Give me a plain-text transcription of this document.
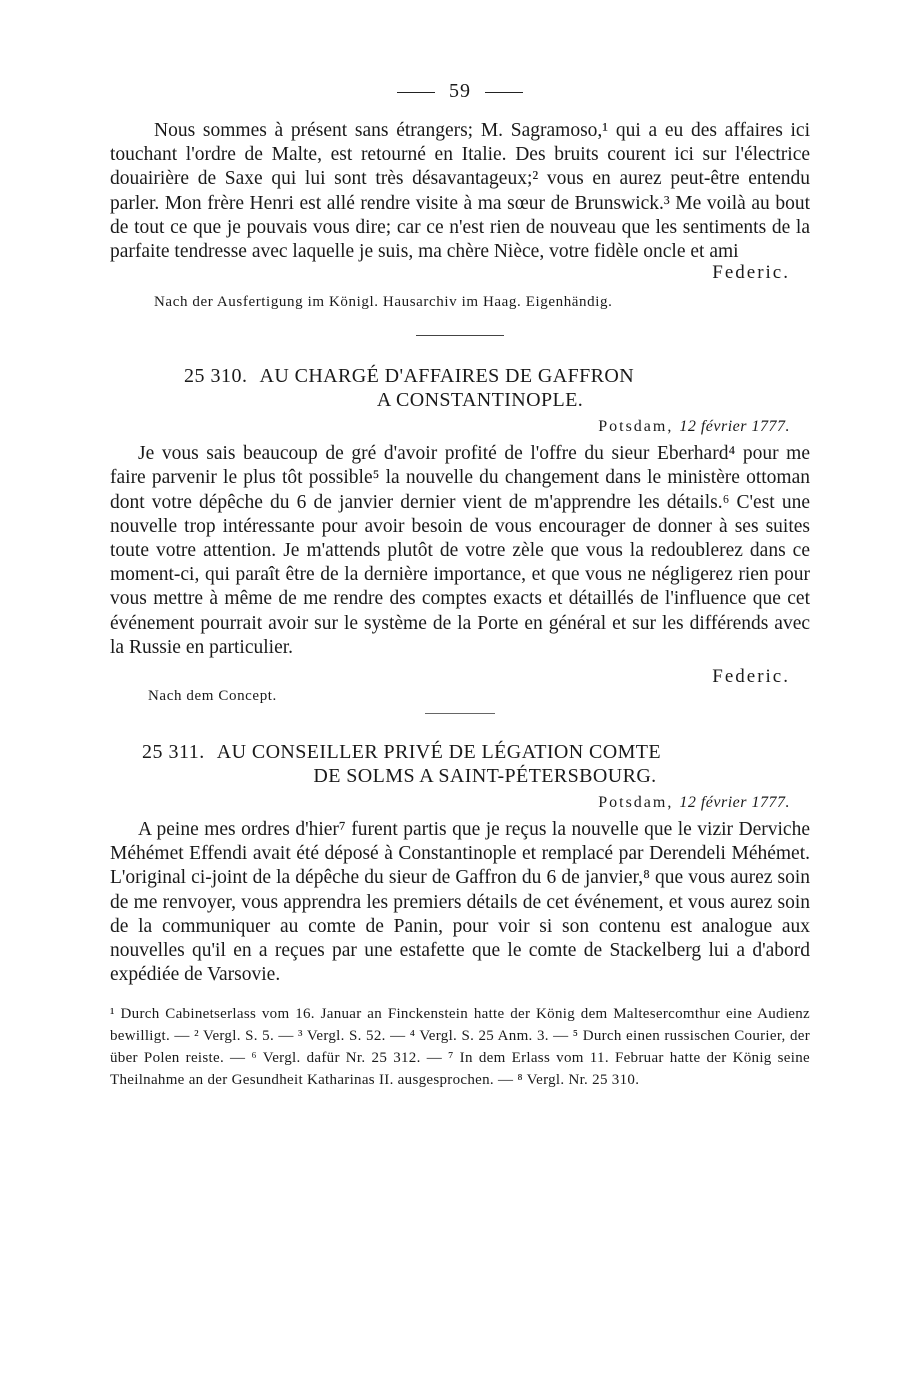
59

Nous sommes à présent sans étrangers; M. Sagramoso,¹ qui a eu des affaires ici touchant l'ordre de Malte, est retourné en Italie. Des bruits courent ici sur l'électrice douairière de Saxe qui lui sont très désavantageux;² vous en aurez peut-être entendu parler. Mon frère Henri est allé rendre visite à ma sœur de Brunswick.³ Me voilà au bout de tout ce que je pouvais vous dire; car ce n'est rien de nouveau que les sentiments de la parfaite tendresse avec laquelle je suis, ma chère Nièce, votre fidèle oncle et ami

Federic.
Nach der Ausfertigung im Königl. Hausarchiv im Haag. Eigenhändig.
25 310. AU CHARGÉ D'AFFAIRES DE GAFFRON
A CONSTANTINOPLE.
Potsdam, 12 février 1777.

Je vous sais beaucoup de gré d'avoir profité de l'offre du sieur Eberhard⁴ pour me faire parvenir le plus tôt possible⁵ la nouvelle du changement dans le ministère ottoman dont votre dépêche du 6 de janvier dernier vient de m'apprendre les détails.⁶ C'est une nouvelle trop intéressante pour avoir besoin de vous encourager de donner à ses suites toute votre attention. Je m'attends plutôt de votre zèle que vous la redoublerez dans ce moment-ci, qui paraît être de la dernière importance, et que vous ne négligerez rien pour vous mettre à même de me rendre des comptes exacts et détaillés de l'influence que cet événement pourrait avoir sur le système de la Porte en général et sur les différends avec la Russie en particulier.

Federic.
Nach dem Concept.
25 311. AU CONSEILLER PRIVÉ DE LÉGATION COMTE
DE SOLMS A SAINT-PÉTERSBOURG.
Potsdam, 12 février 1777.

A peine mes ordres d'hier⁷ furent partis que je reçus la nouvelle que le vizir Derviche Méhémet Effendi avait été déposé à Constantinople et remplacé par Derendeli Méhémet. L'original ci-joint de la dépêche du sieur de Gaffron du 6 de janvier,⁸ que vous aurez soin de me renvoyer, vous apprendra les premiers détails de cet événement, et vous aurez soin de la communiquer au comte de Panin, pour voir si son contenu est analogue aux nouvelles qu'il en a reçues par une estafette que le comte de Stackelberg lui a d'abord expédiée de Varsovie.

¹ Durch Cabinetserlass vom 16. Januar an Finckenstein hatte der König dem Maltesercomthur eine Audienz bewilligt. — ² Vergl. S. 5. — ³ Vergl. S. 52. — ⁴ Vergl. S. 25 Anm. 3. — ⁵ Durch einen russischen Courier, der über Polen reiste. — ⁶ Vergl. dafür Nr. 25 312. — ⁷ In dem Erlass vom 11. Februar hatte der König seine Theilnahme an der Gesundheit Katharinas II. ausgesprochen. — ⁸ Vergl. Nr. 25 310.
